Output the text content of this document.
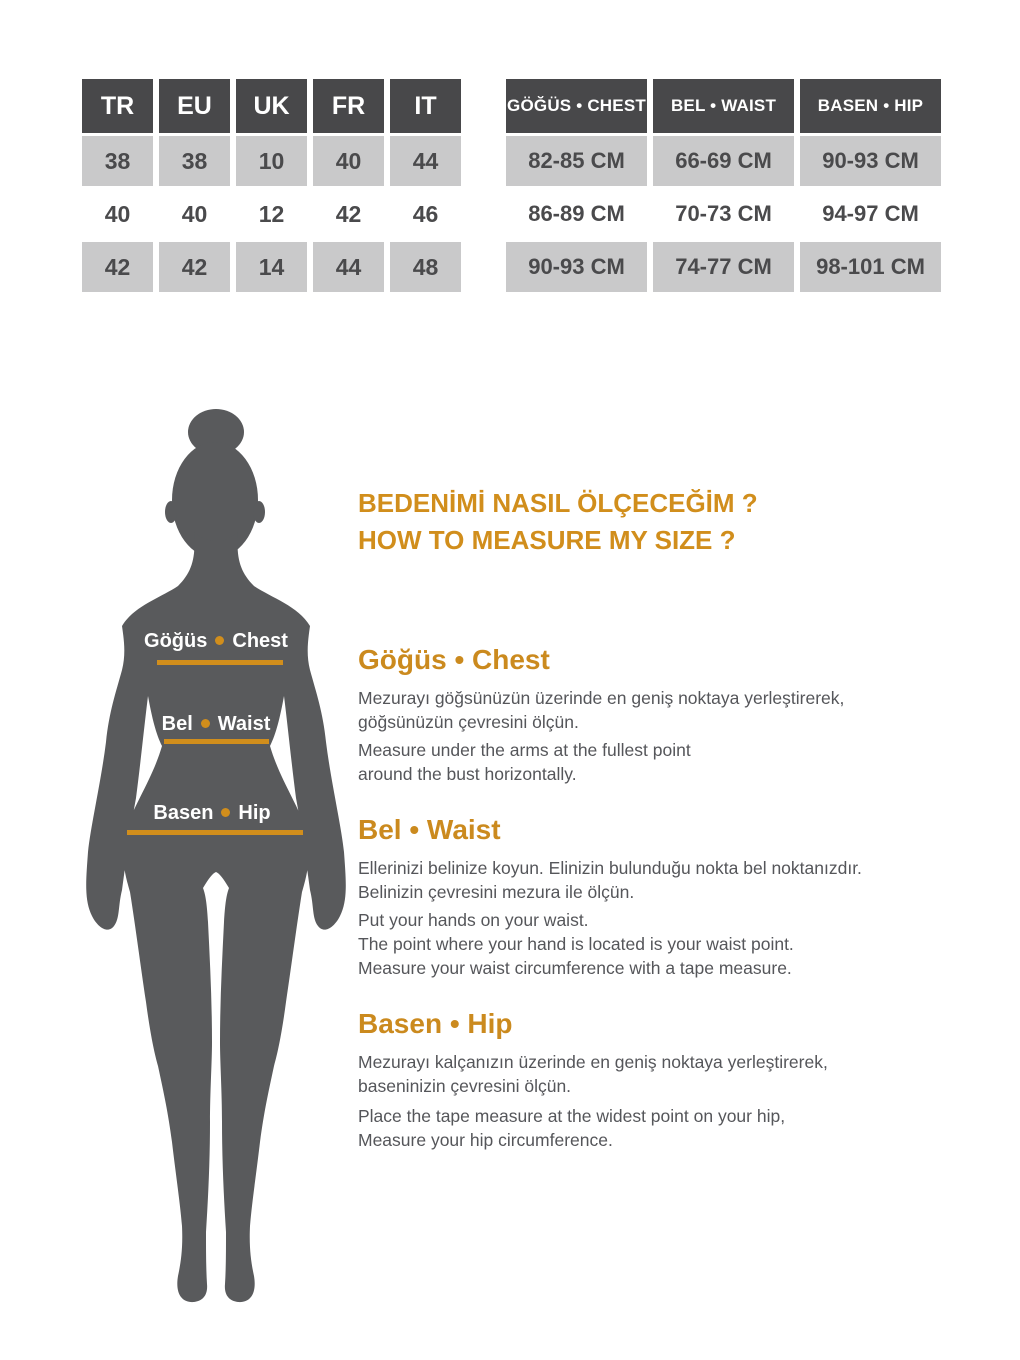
TR	EU	UK	FR	IT
38	38	10	40	44
40	40	12	42	46
42	42	14	44	48
GÖĞÜS • CHEST	BEL • WAIST	BASEN • HIP
82-85 CM	66-69 CM	90-93 CM
86-89 CM	70-73 CM	94-97 CM
90-93 CM	74-77 CM	98-101 CM
Göğüs Chest
Bel Waist
Basen Hip
BEDENİMİ NASIL ÖLÇECEĞİM ?
HOW TO MEASURE MY SIZE ?
Göğüs • Chest
Mezurayı göğsünüzün üzerinde en geniş noktaya yerleştirerek,
göğsünüzün çevresini ölçün.
Measure under the arms at the fullest point
around the bust horizontally.
Bel • Waist
Ellerinizi belinize koyun. Elinizin bulunduğu nokta bel noktanızdır.
Belinizin çevresini mezura ile ölçün.
Put your hands on your waist.
The point where your hand is located is your waist point.
Measure your waist circumference with a tape measure.
Basen • Hip
Mezurayı kalçanızın üzerinde en geniş noktaya yerleştirerek,
baseninizin çevresini ölçün.
Place the tape measure at the widest point on your hip,
Measure your hip circumference.
